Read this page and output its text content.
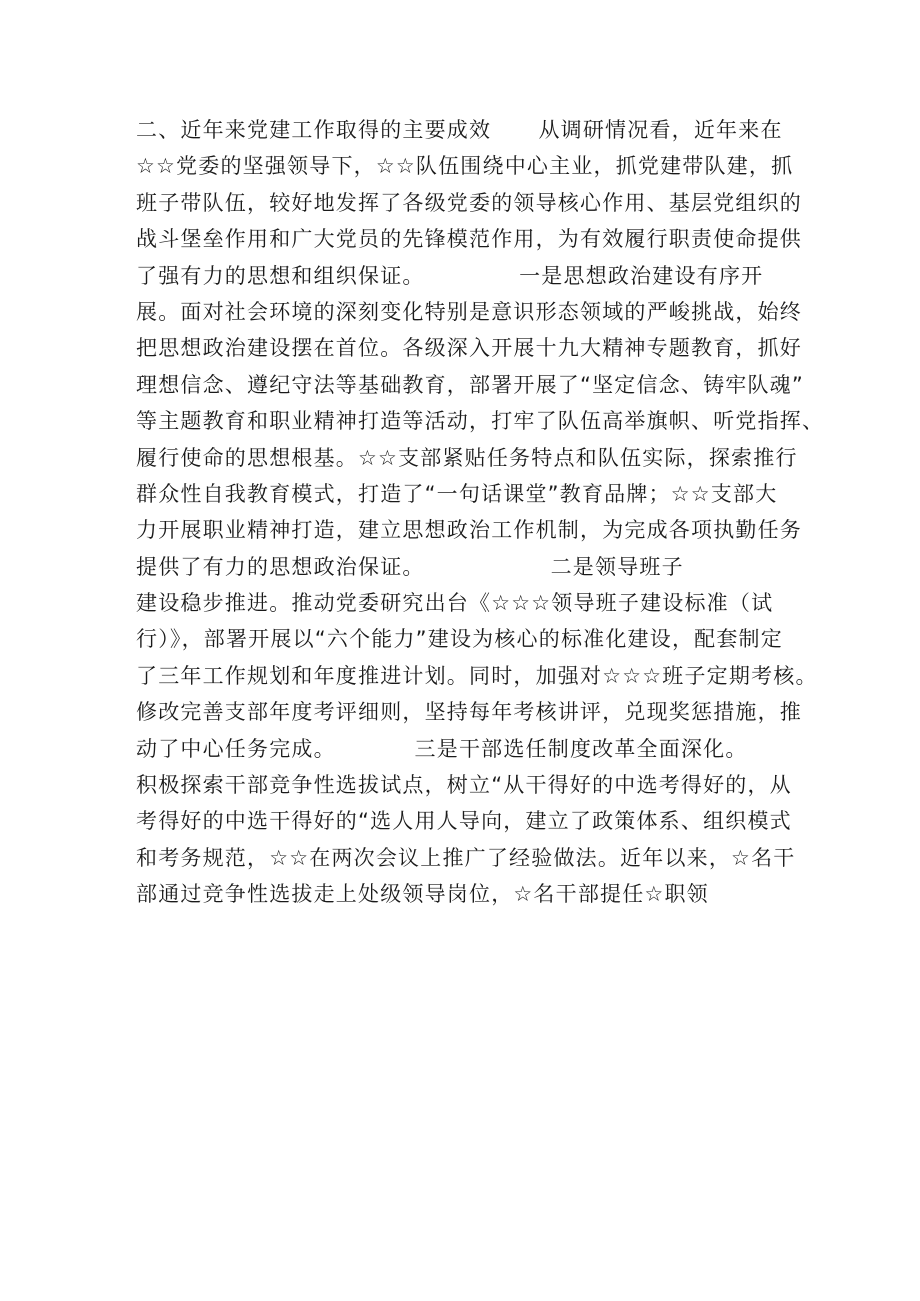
二、近年来党建工作取得的主要成效      从调研情况看，近年来在
☆☆党委的坚强领导下，☆☆队伍围绕中心主业，抓党建带队建，抓
班子带队伍，较好地发挥了各级党委的领导核心作用、基层党组织的
战斗堡垒作用和广大党员的先锋模范作用，为有效履行职责使命提供
了强有力的思想和组织保证。            一是思想政治建设有序开
展。面对社会环境的深刻变化特别是意识形态领域的严峻挑战，始终
把思想政治建设摆在首位。各级深入开展十九大精神专题教育，抓好
理想信念、遵纪守法等基础教育，部署开展了“坚定信念、铸牢队魂”
等主题教育和职业精神打造等活动，打牢了队伍高举旗帜、听党指挥、
履行使命的思想根基。☆☆支部紧贴任务特点和队伍实际，探索推行
群众性自我教育模式，打造了“一句话课堂”教育品牌；☆☆支部大
力开展职业精神打造，建立思想政治工作机制，为完成各项执勤任务
提供了有力的思想政治保证。                二是领导班子
建设稳步推进。推动党委研究出台《☆☆☆领导班子建设标准（试
行）》，部署开展以“六个能力”建设为核心的标准化建设，配套制定
了三年工作规划和年度推进计划。同时，加强对☆☆☆班子定期考核。
修改完善支部年度考评细则，坚持每年考核讲评，兑现奖惩措施，推
动了中心任务完成。          三是干部选任制度改革全面深化。
积极探索干部竞争性选拔试点，树立“从干得好的中选考得好的，从
考得好的中选干得好的“选人用人导向，建立了政策体系、组织模式
和考务规范，☆☆在两次会议上推广了经验做法。近年以来，☆名干
部通过竞争性选拔走上处级领导岗位，☆名干部提任☆职领
